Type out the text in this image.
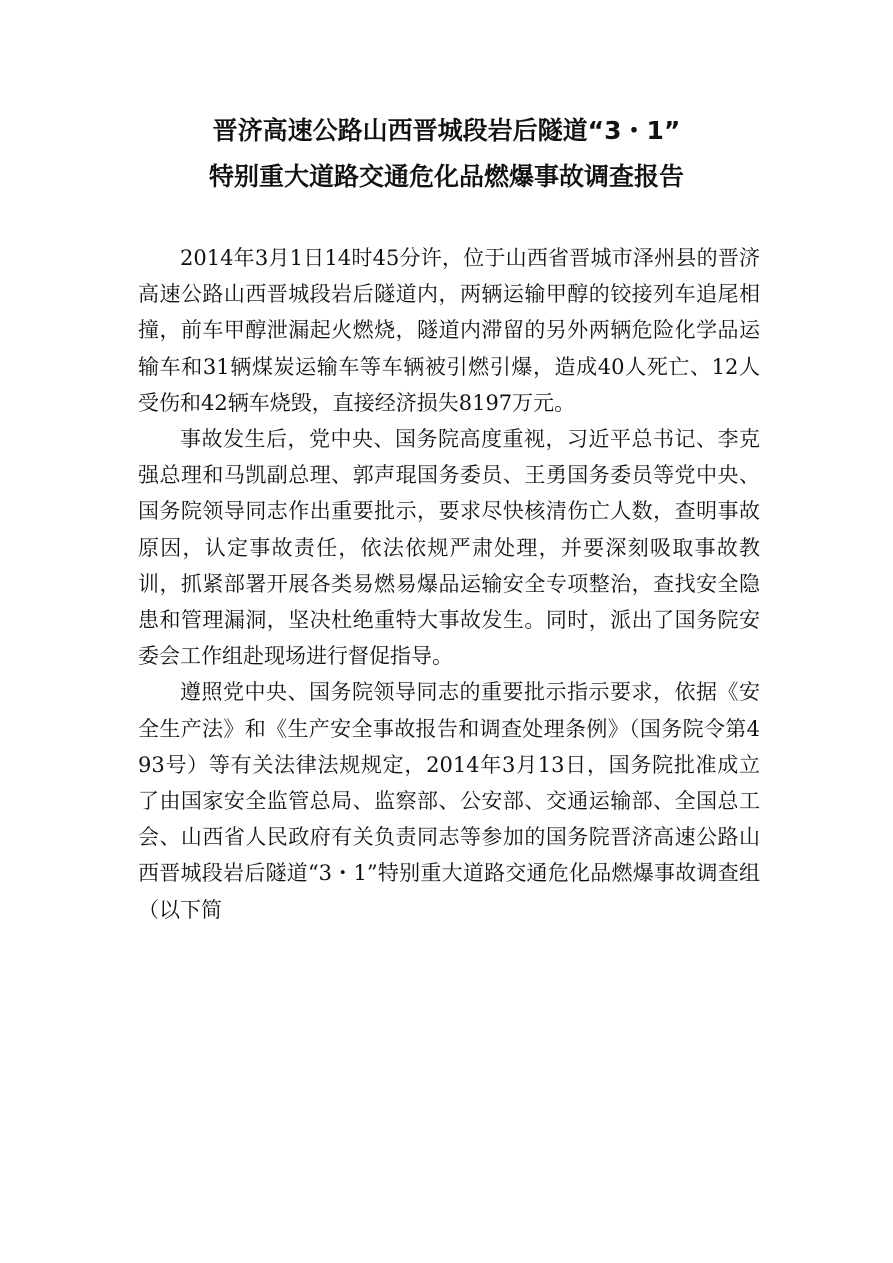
晋济高速公路山西晋城段岩后隧道“3・1”
特别重大道路交通危化品燃爆事故调查报告

2014年3月1日14时45分许，位于山西省晋城市泽州县的晋济高速公路山西晋城段岩后隧道内，两辆运输甲醇的铰接列车追尾相撞，前车甲醇泄漏起火燃烧，隧道内滞留的另外两辆危险化学品运输车和31辆煤炭运输车等车辆被引燃引爆，造成40人死亡、12人受伤和42辆车烧毁，直接经济损失8197万元。

事故发生后，党中央、国务院高度重视，习近平总书记、李克强总理和马凯副总理、郭声琨国务委员、王勇国务委员等党中央、国务院领导同志作出重要批示，要求尽快核清伤亡人数，查明事故原因，认定事故责任，依法依规严肃处理，并要深刻吸取事故教训，抓紧部署开展各类易燃易爆品运输安全专项整治，查找安全隐患和管理漏洞，坚决杜绝重特大事故发生。同时，派出了国务院安委会工作组赴现场进行督促指导。

遵照党中央、国务院领导同志的重要批示指示要求，依据《安全生产法》和《生产安全事故报告和调查处理条例》（国务院令第493号）等有关法律法规规定，2014年3月13日，国务院批准成立了由国家安全监管总局、监察部、公安部、交通运输部、全国总工会、山西省人民政府有关负责同志等参加的国务院晋济高速公路山西晋城段岩后隧道“3・1”特别重大道路交通危化品燃爆事故调查组（以下简
